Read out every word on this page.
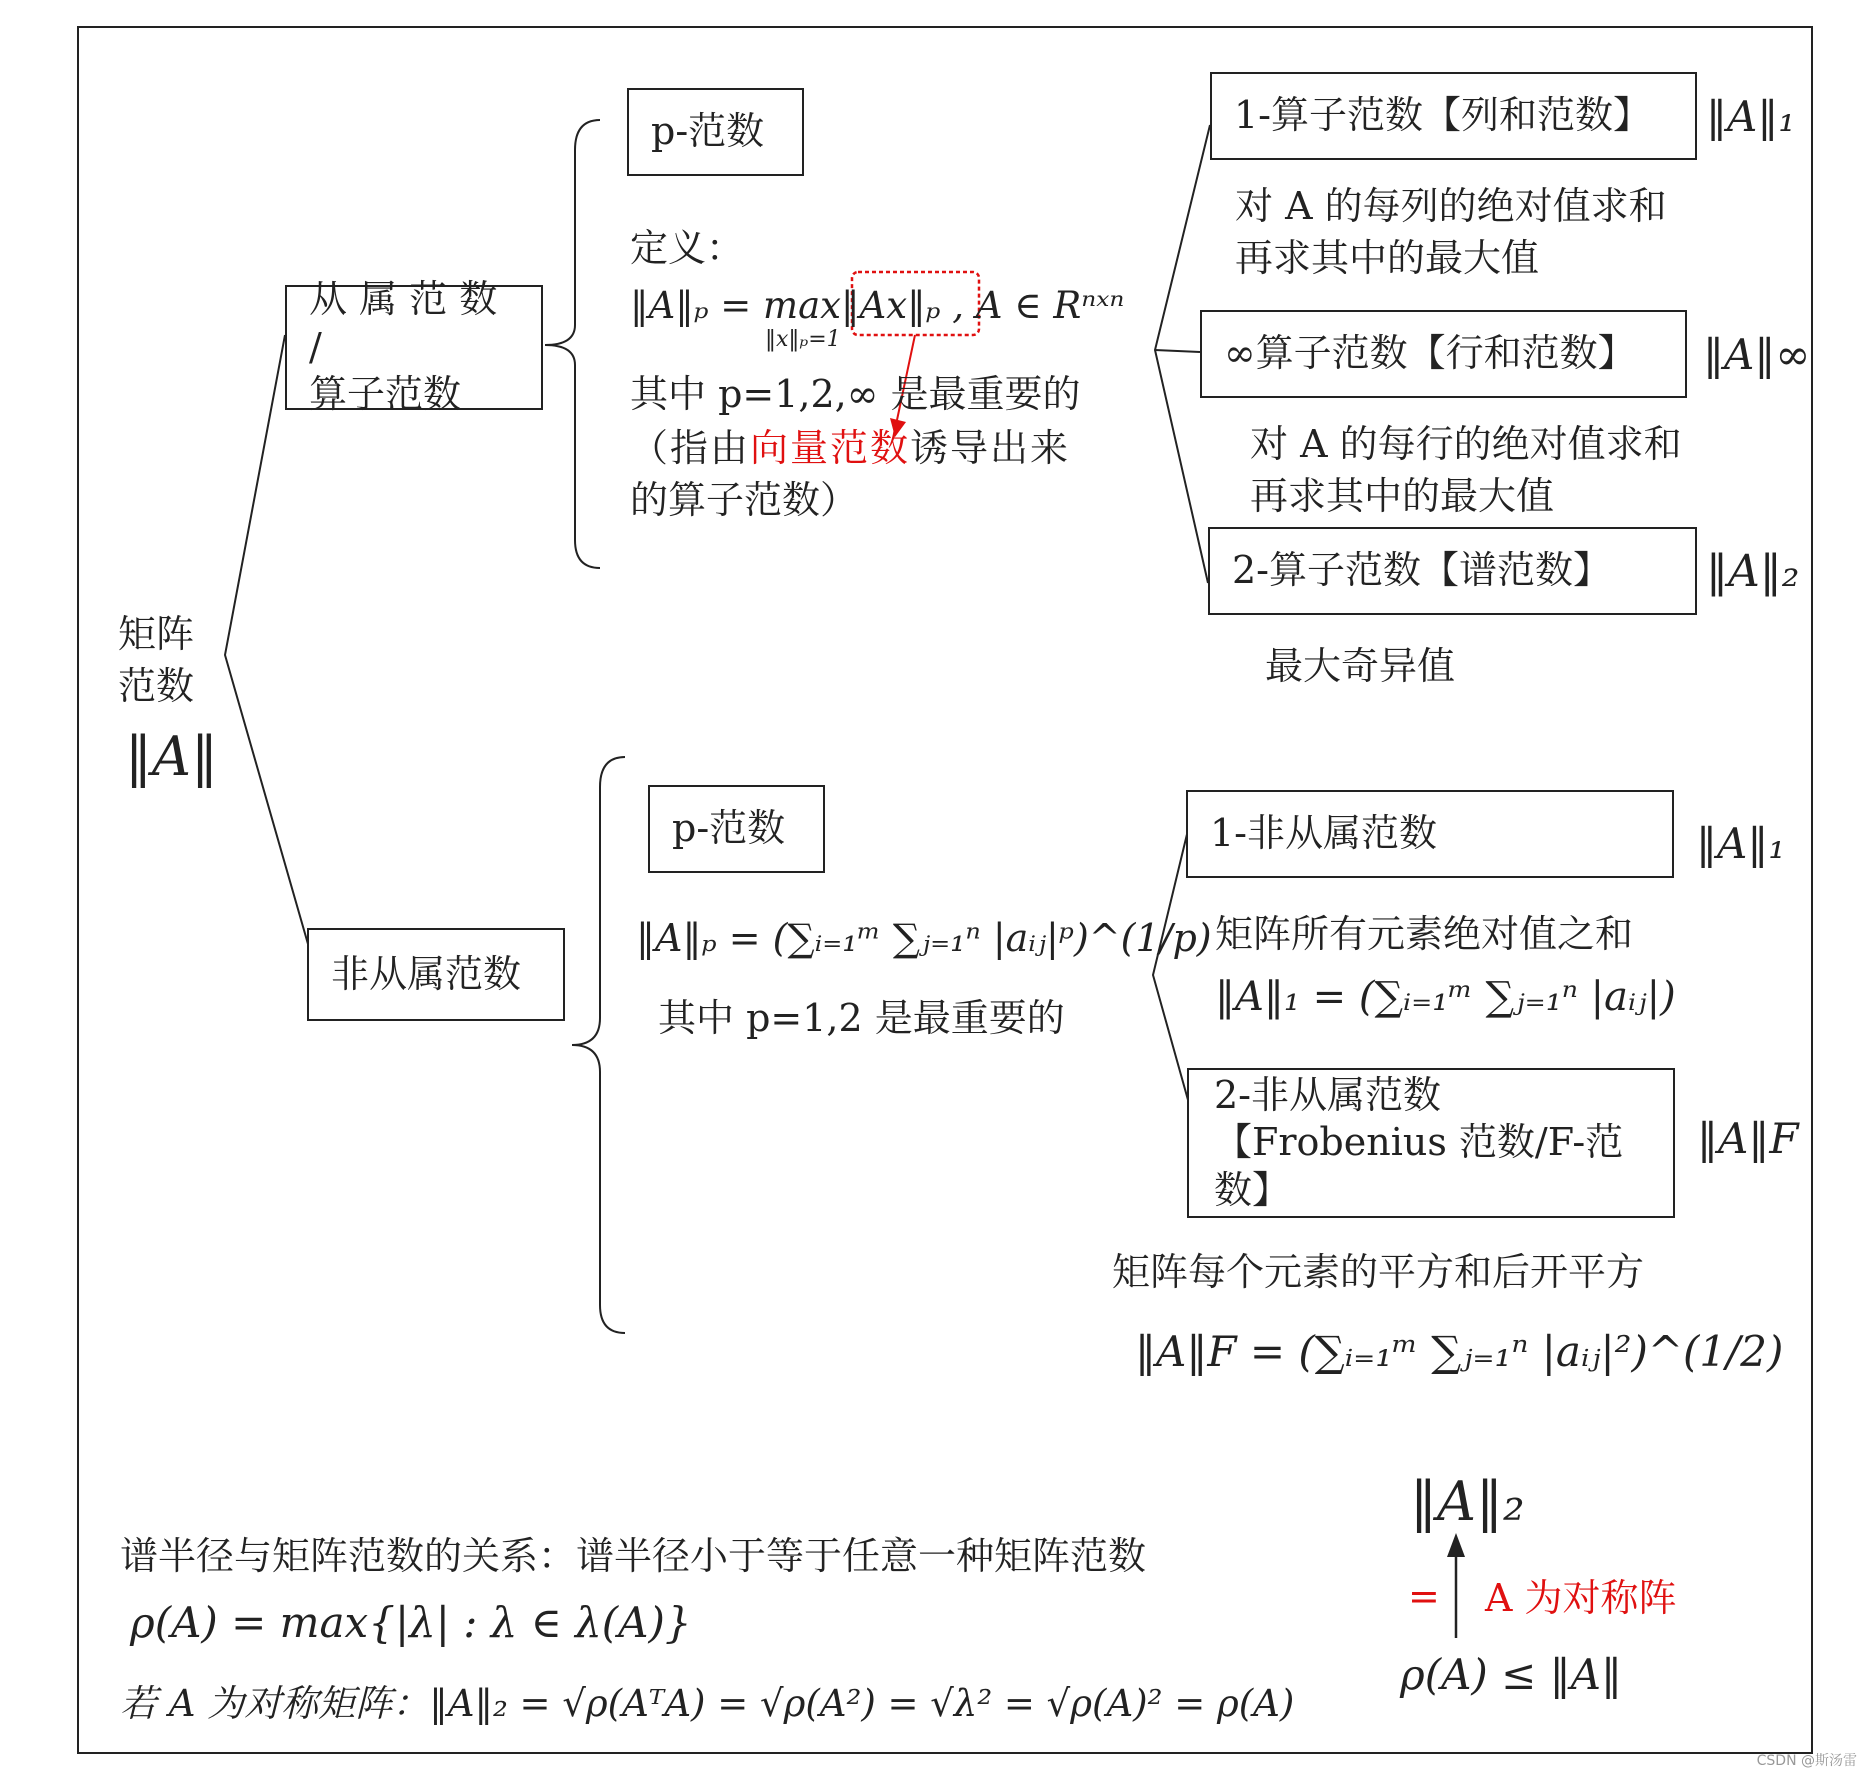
矩阵
范数
‖A‖
从 属 范 数 /
算子范数
p-范数
定义：
‖A‖ₚ = max‖Ax‖ₚ , A ∈ Rⁿˣⁿ
‖x‖ₚ=1
其中 p=1,2,∞ 是最重要的
（指由向量范数诱导出来
的算子范数）
1-算子范数【列和范数】 ‖A‖₁
对 A 的每列的绝对值求和
再求其中的最大值
∞算子范数【行和范数】 ‖A‖∞
对 A 的每行的绝对值求和
再求其中的最大值
2-算子范数【谱范数】 ‖A‖₂
最大奇异值
非从属范数
p-范数
‖A‖ₚ = (∑ᵢ₌₁ᵐ ∑ⱼ₌₁ⁿ |aᵢⱼ|ᵖ)^(1/p)
其中 p=1,2 是最重要的
1-非从属范数	‖A‖₁
矩阵所有元素绝对值之和
‖A‖₁ = (∑ᵢ₌₁ᵐ ∑ⱼ₌₁ⁿ |aᵢⱼ|)
2-非从属范数
【Frobenius 范数/F-范数】
‖A‖F
矩阵每个元素的平方和后开平方
‖A‖F = (∑ᵢ₌₁ᵐ ∑ⱼ₌₁ⁿ |aᵢⱼ|²)^(1/2)
谱半径与矩阵范数的关系：谱半径小于等于任意一种矩阵范数
ρ(A) = max{|λ| : λ ∈ λ(A)}
若 A 为对称矩阵：‖A‖₂ = √ρ(AᵀA) = √ρ(A²) = √λ² = √ρ(A)² = ρ(A)
‖A‖₂
= A 为对称阵
ρ(A) ≤ ‖A‖
CSDN @斯汤雷
